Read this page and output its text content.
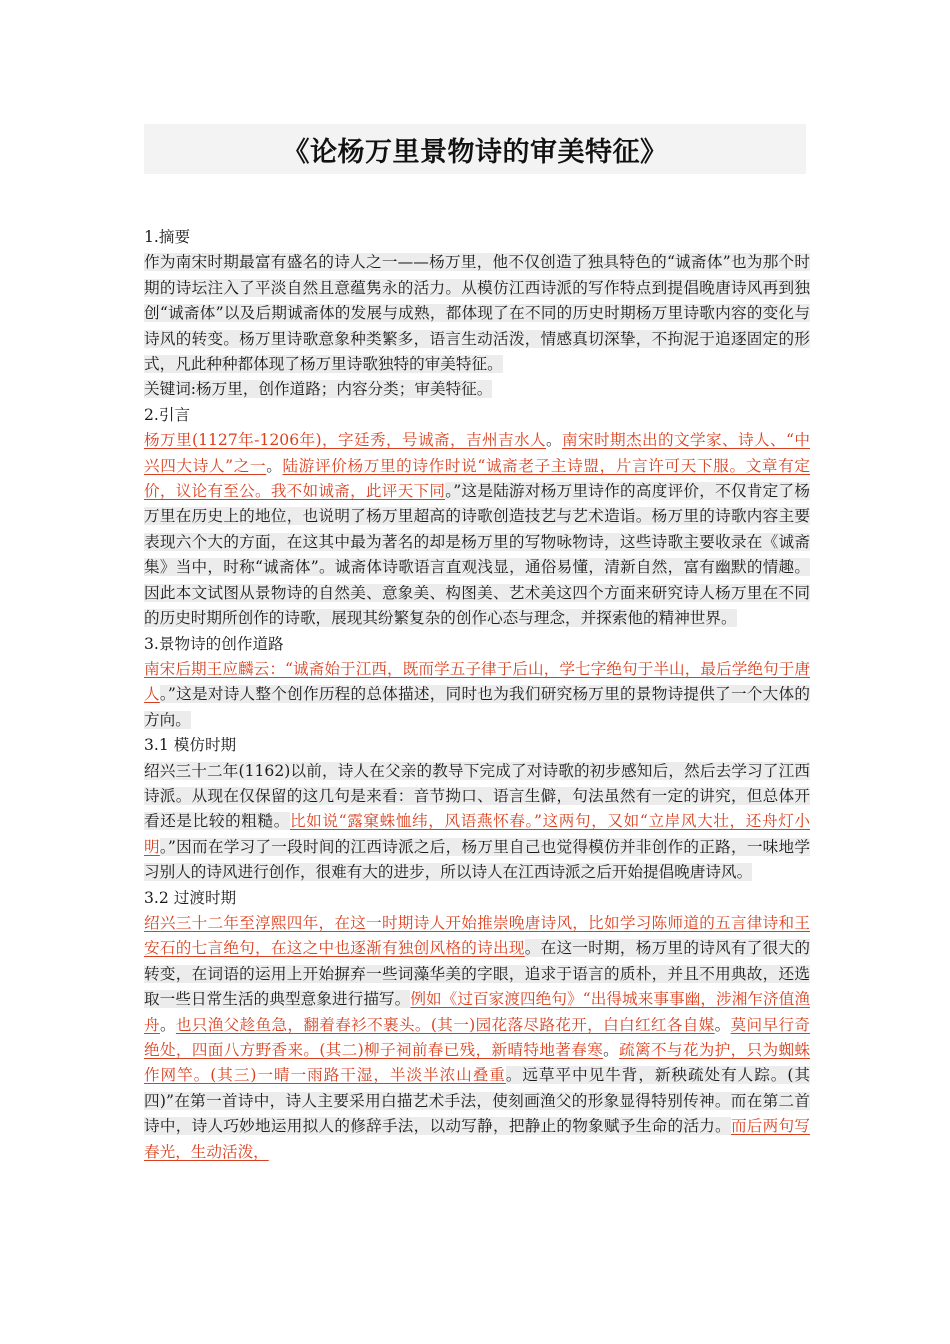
《论杨万里景物诗的审美特征》

1.摘要

作为南宋时期最富有盛名的诗人之一——杨万里，他不仅创造了独具特色的“诚斋体”也为那个时期的诗坛注入了平淡自然且意蕴隽永的活力。从模仿江西诗派的写作特点到提倡晚唐诗风再到独创“诚斋体”以及后期诚斋体的发展与成熟，都体现了在不同的历史时期杨万里诗歌内容的变化与诗风的转变。杨万里诗歌意象种类繁多，语言生动活泼，情感真切深挚，不拘泥于追逐固定的形式，凡此种种都体现了杨万里诗歌独特的审美特征。

关键词:杨万里，创作道路；内容分类；审美特征。

2.引言

杨万里(1127年-1206年)，字廷秀，号诚斋，吉州吉水人。南宋时期杰出的文学家、诗人、“中兴四大诗人”之一。陆游评价杨万里的诗作时说“诚斋老子主诗盟，片言许可天下服。文章有定价，议论有至公。我不如诚斋，此评天下同。”这是陆游对杨万里诗作的高度评价，不仅肯定了杨万里在历史上的地位，也说明了杨万里超高的诗歌创造技艺与艺术造诣。杨万里的诗歌内容主要表现六个大的方面，在这其中最为著名的却是杨万里的写物咏物诗，这些诗歌主要收录在《诚斋集》当中，时称“诚斋体”。诚斋体诗歌语言直观浅显，通俗易懂，清新自然，富有幽默的情趣。因此本文试图从景物诗的自然美、意象美、构图美、艺术美这四个方面来研究诗人杨万里在不同的历史时期所创作的诗歌，展现其纷繁复杂的创作心态与理念，并探索他的精神世界。

3.景物诗的创作道路

南宋后期王应麟云：“诚斋始于江西，既而学五子律于后山，学七字绝句于半山，最后学绝句于唐人。”这是对诗人整个创作历程的总体描述，同时也为我们研究杨万里的景物诗提供了一个大体的方向。

3.1 模仿时期

绍兴三十二年(1162)以前，诗人在父亲的教导下完成了对诗歌的初步感知后，然后去学习了江西诗派。从现在仅保留的这几句是来看：音节拗口、语言生僻，句法虽然有一定的讲究，但总体开看还是比较的粗糙。比如说“露窠蛛恤纬，风语燕怀春。”这两句，又如“立岸风大壮，还舟灯小明。”因而在学习了一段时间的江西诗派之后，杨万里自己也觉得模仿并非创作的正路，一味地学习别人的诗风进行创作，很难有大的进步，所以诗人在江西诗派之后开始提倡晚唐诗风。

3.2 过渡时期

绍兴三十二年至淳熙四年，在这一时期诗人开始推崇晚唐诗风，比如学习陈师道的五言律诗和王安石的七言绝句，在这之中也逐渐有独创风格的诗出现。在这一时期，杨万里的诗风有了很大的转变，在词语的运用上开始摒弃一些词藻华美的字眼，追求于语言的质朴，并且不用典故，还选取一些日常生活的典型意象进行描写。例如《过百家渡四绝句》“出得城来事事幽，涉湘乍济值渔舟。也只渔父趁鱼急，翻着春衫不裹头。(其一)园花落尽路花开，白白红红各自媒。莫问早行奇绝处，四面八方野香来。(其二)柳子祠前春已残，新晴特地著春寒。疏篱不与花为护，只为蜘蛛作网竿。(其三)一晴一雨路干湿，半淡半浓山叠重。远草平中见牛背，新秧疏处有人踪。(其四)”在第一首诗中，诗人主要采用白描艺术手法，使刻画渔父的形象显得特别传神。而在第二首诗中，诗人巧妙地运用拟人的修辞手法，以动写静，把静止的物象赋予生命的活力。而后两句写春光，生动活泼，
